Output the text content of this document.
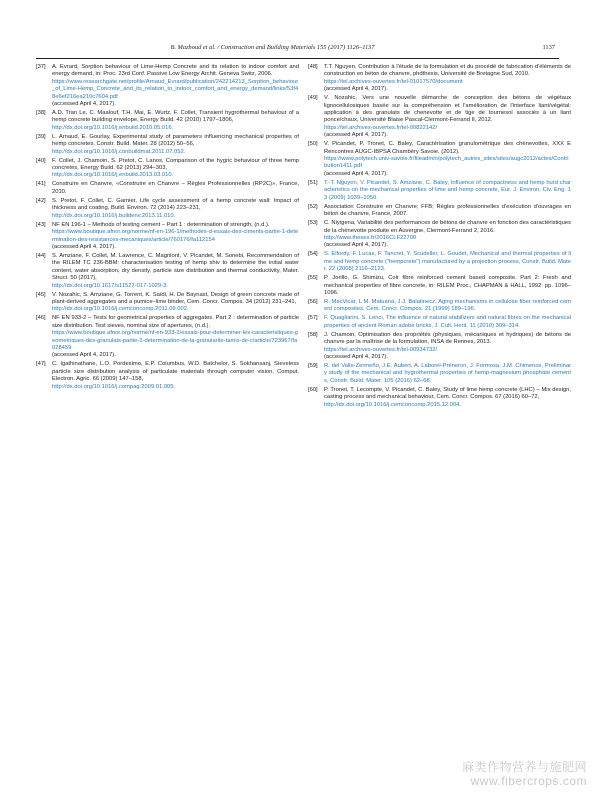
B. Mazhoud et al. / Construction and Building Materials 155 (2017) 1126–1137	1137
[37] A. Evrard, Sorption behaviour of Lime-Hemp Concrete and its relation to indoor comfort and energy demand, in: Proc. 23rd Conf. Passive Low Energy Archit. Geneva Switz, 2006.
https://www.researchgate.net/profile/Arnaud_Evrard/publication/242214213_Sorption_behaviour_of_Lime-Hemp_Concrete_and_its_relation_to_indoor_comfort_and_energy_demand/links/53f48e6ef216ea210c7604.pdf
(accessed April 4, 2017).
[38] A.D. Tran Le, C. Maalouf, T.H. Mai, E. Wurtz, F. Collet, Transient hygrothermal behaviour of a hemp concrete building envelope, Energy Build. 42 (2010) 1797–1806,
http://dx.doi.org/10.1016/j.enbuild.2010.05.016.
[39] L. Arnaud, E. Gourlay, Experimental study of parameters influencing mechanical properties of hemp concretes, Constr. Build. Mater. 28 (2012) 50–56,
http://dx.doi.org/10.1016/j.conbuildmat.2011.07.052.
[40] F. Collet, J. Chamoin, S. Pretot, C. Lanos, Comparison of the hygric behaviour of three hemp concretes, Energy Build. 62 (2013) 294–303,
http://dx.doi.org/10.1016/j.enbuild.2013.03.010.
[41] Construire en Chanvre, «Construire en Chanvre – Règles Professionnelles (RP2C)», France, 2010.
[42] S. Pretot, F. Collet, C. Garnier, Life cycle assessment of a hemp concrete wall: Impact of thickness and coating, Build. Environ. 72 (2014) 223–231,
http://dx.doi.org/10.1016/j.buildenv.2013.11.010.
[43] NF EN 196-1 – Methods of testing cement – Part 1 : determination of strength, (n.d.).
https://www.boutique.afnor.org/norme/nf-en-196-1/methodes-d-essais-des-ciments-partie-1-determination-des-resistances-mecaniques/article/760176/fa112154
(accessed April 4, 2017).
[44] S. Amziane, F. Collet, M. Lawrence, C. Magniont, V. Picandet, M. Sonebi, Recommendation of the RILEM TC 236-BBM: characterisation testing of hemp shiv to determine the initial water content, water absorption, dry density, particle size distribution and thermal conductivity, Mater. Struct. 50 (2017),
http://dx.doi.org/10.1617/s11527-017-1029-3.
[45] V. Nozahic, S. Amziane, G. Torrent, K. Saïdi, H. De Baynast, Design of green concrete made of plant-derived aggregates and a pumice–lime binder, Cem. Concr. Compos. 34 (2012) 231–241,
http://dx.doi.org/10.1016/j.cemconcomp.2011.09.002.
[46] NF EN 933-2 – Tests for geometrical properties of aggregates. Part 2 : determination of particle size distribution. Test sieves, nominal size of apertures, (n.d.).
https://www.boutique.afnor.org/norme/nf-en-933-2/essais-pour-determiner-les-caracteristiques-geometriques-des-granulats-partie-2-determination-de-la-granularite-tamis-de-c/article/723967/fa028459
(accessed April 4, 2017).
[47] C. Igathinathane, L.O. Pordesimo, E.P. Columbus, W.D. Batchelor, S. Sokhansanj, Sieveless particle size distribution analysis of particulate materials through computer vision, Comput. Electron. Agric. 66 (2009) 147–158,
http://dx.doi.org/10.1016/j.compag.2009.01.005.
[48] T.T. Nguyen, Contribution à l'étude de la formulation et du procédé de fabrication d'éléments de construction en béton de chanvre, phdthesis, Université de Bretagne Sud, 2010.
https://tel.archives-ouvertes.fr/tel-01017570/document
(accessed April 4, 2017).
[49] V. Nozahic, Vers une nouvelle démarche de conception des bétons de végétaux lignocellulosiques basée sur la compréhension et l'amélioration de l'interface liant/végétal: application à des granulats de chenevotte et de tige de tournesol associés à un liant ponce/chaux, Université Blaise Pascal-Clermont-Ferrand II, 2012.
https://tel.archives-ouvertes.fr/tel-00822142/
(accessed April 4, 2017).
[50] V. Picandet, P. Tronet, C. Baley, Caractérisation granulométrique des chènevottes, XXX E Rencontres AUGC-IBPSA Chambéry Savoie. (2012).
https://www.polytech.univ-savoie.fr/fileadmin/polytech_autres_sites/sites/augc2012/actes/Contribution1411.pdf
(accessed April 4, 2017).
[51] T.-T. Nguyen, V. Picandet, S. Amziane, C. Baley, Influence of compactness and hemp hurd characteristics on the mechanical properties of lime and hemp concrete, Eur. J. Environ. Civ. Eng. 13 (2009) 1039–1050.
[52] Association Construire en Chanvre; FFB; Règles professionnelles d'exécution d'ouvrages en béton de chanvre, France, 2007.
[53] C. Niyigena, Variabilité des performances de bétons de chanvre en fonction des caractéristiques de la chènevotte produite en Auvergne, Clermont-Ferrand 2, 2016.
http://www.theses.fr/2016CLF22700
(accessed April 4, 2017).
[54] S. Elfordy, F. Lucas, F. Tancret, Y. Scudeller, L. Goudet, Mechanical and thermal properties of lime and hemp concrete ("hempcrete") manufactured by a projection process, Constr. Build. Mater. 22 (2008) 2116–2123.
[55] P. Jorillo, G. Shimizu, Coir fibre reinforced cement based composite. Part 2: Fresh and mechanical properties of fibre concrete, in: RILEM Proc., CHAPMAN & HALL, 1992: pp. 1096–1096.
[56] R. MacVicar, L.M. Matuana, J.J. Balatinecz, Aging mechanisms in cellulose fiber reinforced cement composites, Cem. Concr. Compos. 21 (1999) 189–196.
[57] F. Quagliarini, S. Lenci, The influence of natural stabilizers and natural fibres on the mechanical properties of ancient Roman adobe bricks, J. Cult. Herit. 11 (2010) 309–314.
[58] J. Chamoin, Optimisation des propriétés (physiques, mécaniques et hydriques) de bétons de chanvre par la maîtrise de la formulation, INSA de Rennes, 2013.
https://tel.archives-ouvertes.fr/tel-00934732/
(accessed April 4, 2017).
[59] R. del Valle-Zermeño, J.E. Aubert, A. Laborel-Préneron, J. Formosa, J.M. Chimenos, Preliminary study of the mechanical and hygrothermal properties of hemp-magnesium phosphate cements, Constr. Build. Mater. 105 (2016) 62–68.
[60] P. Tronet, T. Lecompte, V. Picandet, C. Baley, Study of lime hemp concrete (LHC) – Mix design, casting process and mechanical behaviour, Cem. Concr. Compos. 67 (2016) 60–72,
http://dx.doi.org/10.1016/j.cemconcomp.2015.12.004.
麻类作物营养与施肥网
www.fibercrops.com
